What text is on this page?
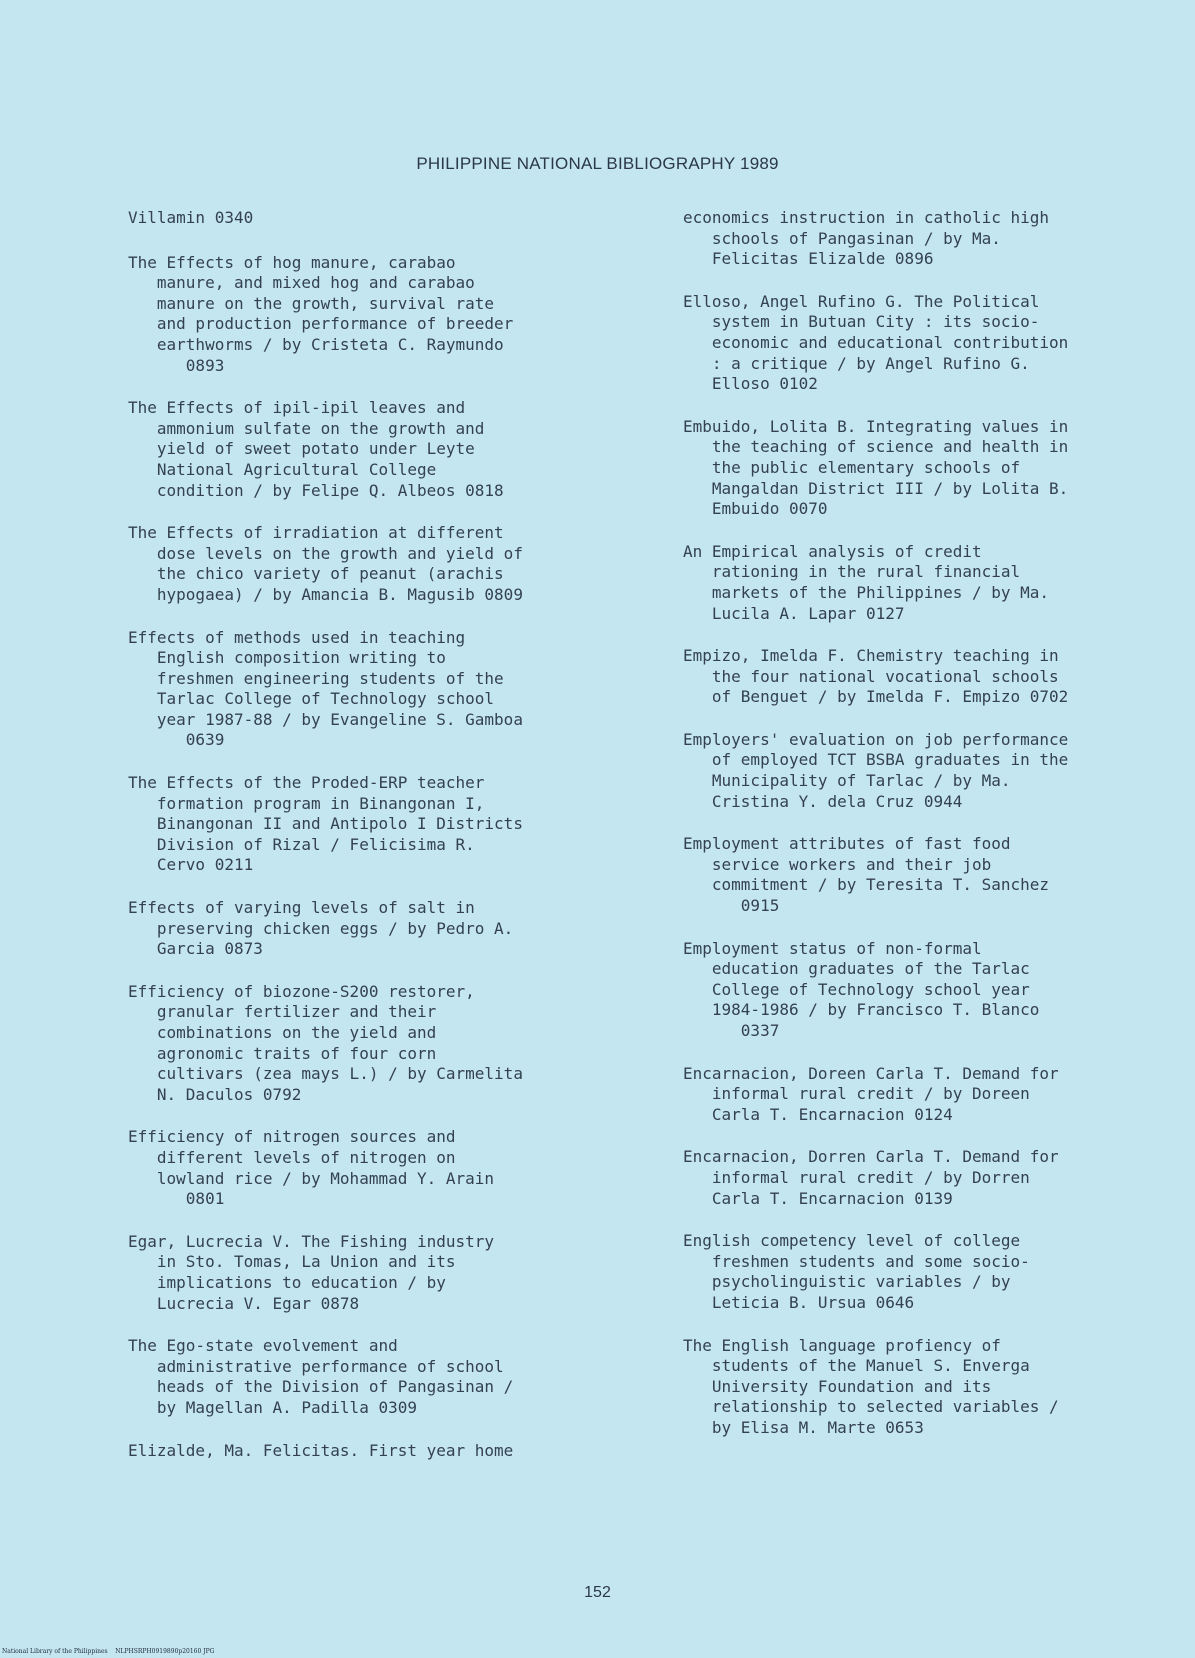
PHILIPPINE NATIONAL BIBLIOGRAPHY 1989
Villamin 0340
The Effects of hog manure, carabao
manure, and mixed hog and carabao
manure on the growth, survival rate
and production performance of breeder
earthworms / by Cristeta C. Raymundo
0893
The Effects of ipil-ipil leaves and
ammonium sulfate on the growth and
yield of sweet potato under Leyte
National Agricultural College
condition / by Felipe Q. Albeos 0818
The Effects of irradiation at different
dose levels on the growth and yield of
the chico variety of peanut (arachis
hypogaea) / by Amancia B. Magusib 0809
Effects of methods used in teaching
English composition writing to
freshmen engineering students of the
Tarlac College of Technology school
year 1987-88 / by Evangeline S. Gamboa
0639
The Effects of the Proded-ERP teacher
formation program in Binangonan I,
Binangonan II and Antipolo I Districts
Division of Rizal / Felicisima R.
Cervo 0211
Effects of varying levels of salt in
preserving chicken eggs / by Pedro A.
Garcia 0873
Efficiency of biozone-S200 restorer,
granular fertilizer and their
combinations on the yield and
agronomic traits of four corn
cultivars (zea mays L.) / by Carmelita
N. Daculos 0792
Efficiency of nitrogen sources and
different levels of nitrogen on
lowland rice / by Mohammad Y. Arain
0801
Egar, Lucrecia V. The Fishing industry
in Sto. Tomas, La Union and its
implications to education / by
Lucrecia V. Egar 0878
The Ego-state evolvement and
administrative performance of school
heads of the Division of Pangasinan /
by Magellan A. Padilla 0309
Elizalde, Ma. Felicitas. First year home
economics instruction in catholic high
schools of Pangasinan / by Ma.
Felicitas Elizalde 0896
Elloso, Angel Rufino G. The Political
system in Butuan City : its socio-
economic and educational contribution
: a critique / by Angel Rufino G.
Elloso 0102
Embuido, Lolita B. Integrating values in
the teaching of science and health in
the public elementary schools of
Mangaldan District III / by Lolita B.
Embuido 0070
An Empirical analysis of credit
rationing in the rural financial
markets of the Philippines / by Ma.
Lucila A. Lapar 0127
Empizo, Imelda F. Chemistry teaching in
the four national vocational schools
of Benguet / by Imelda F. Empizo 0702
Employers' evaluation on job performance
of employed TCT BSBA graduates in the
Municipality of Tarlac / by Ma.
Cristina Y. dela Cruz 0944
Employment attributes of fast food
service workers and their job
commitment / by Teresita T. Sanchez
0915
Employment status of non-formal
education graduates of the Tarlac
College of Technology school year
1984-1986 / by Francisco T. Blanco
0337
Encarnacion, Doreen Carla T. Demand for
informal rural credit / by Doreen
Carla T. Encarnacion 0124
Encarnacion, Dorren Carla T. Demand for
informal rural credit / by Dorren
Carla T. Encarnacion 0139
English competency level of college
freshmen students and some socio-
psycholinguistic variables / by
Leticia B. Ursua 0646
The English language profiency of
students of the Manuel S. Enverga
University Foundation and its
relationship to selected variables /
by Elisa M. Marte 0653
152
National Library of the Philippines NLPHSRPH0919890p20160 JPG
